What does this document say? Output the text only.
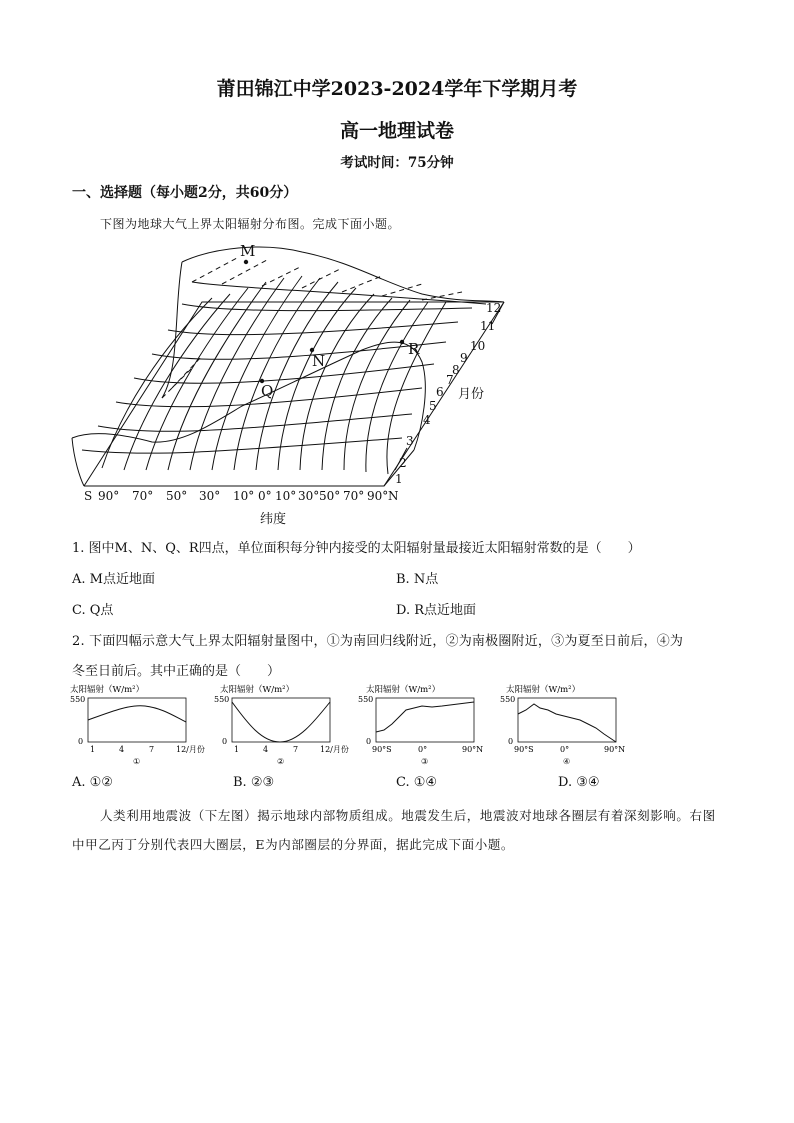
莆田锦江中学2023-2024学年下学期月考
高一地理试卷
考试时间：75分钟
一、选择题（每小题2分，共60分）
下图为地球大气上界太阳辐射分布图。完成下面小题。
M
N
Q
R
1
2
3
4
5
6
7
8
9
10
11
12
月份
S 90° 70° 50° 30° 10° 0° 10° 30° 50° 70° 90° N
纬度
1. 图中M、N、Q、R四点，单位面积每分钟内接受的太阳辐射量最接近太阳辐射常数的是（　　）
A. M点近地面	B. N点
C. Q点	D. R点近地面
2. 下面四幅示意大气上界太阳辐射量图中，①为南回归线附近，②为南极圈附近，③为夏至日前后，④为
冬至日前后。其中正确的是（　　）
太阳辐射（W/m²）
550
0
1	4	7	12/月份
①
太阳辐射（W/m²）
550
0
1	4	7	12/月份
②
太阳辐射（W/m²）
550
0
90°S	0°	90°N
③
太阳辐射（W/m²）
550
0
90°S	0°	90°N
④
A. ①②	B. ②③	C. ①④	D. ③④
人类利用地震波（下左图）揭示地球内部物质组成。地震发生后，地震波对地球各圈层有着深刻影响。右图中甲乙丙丁分别代表四大圈层，E为内部圈层的分界面，据此完成下面小题。
